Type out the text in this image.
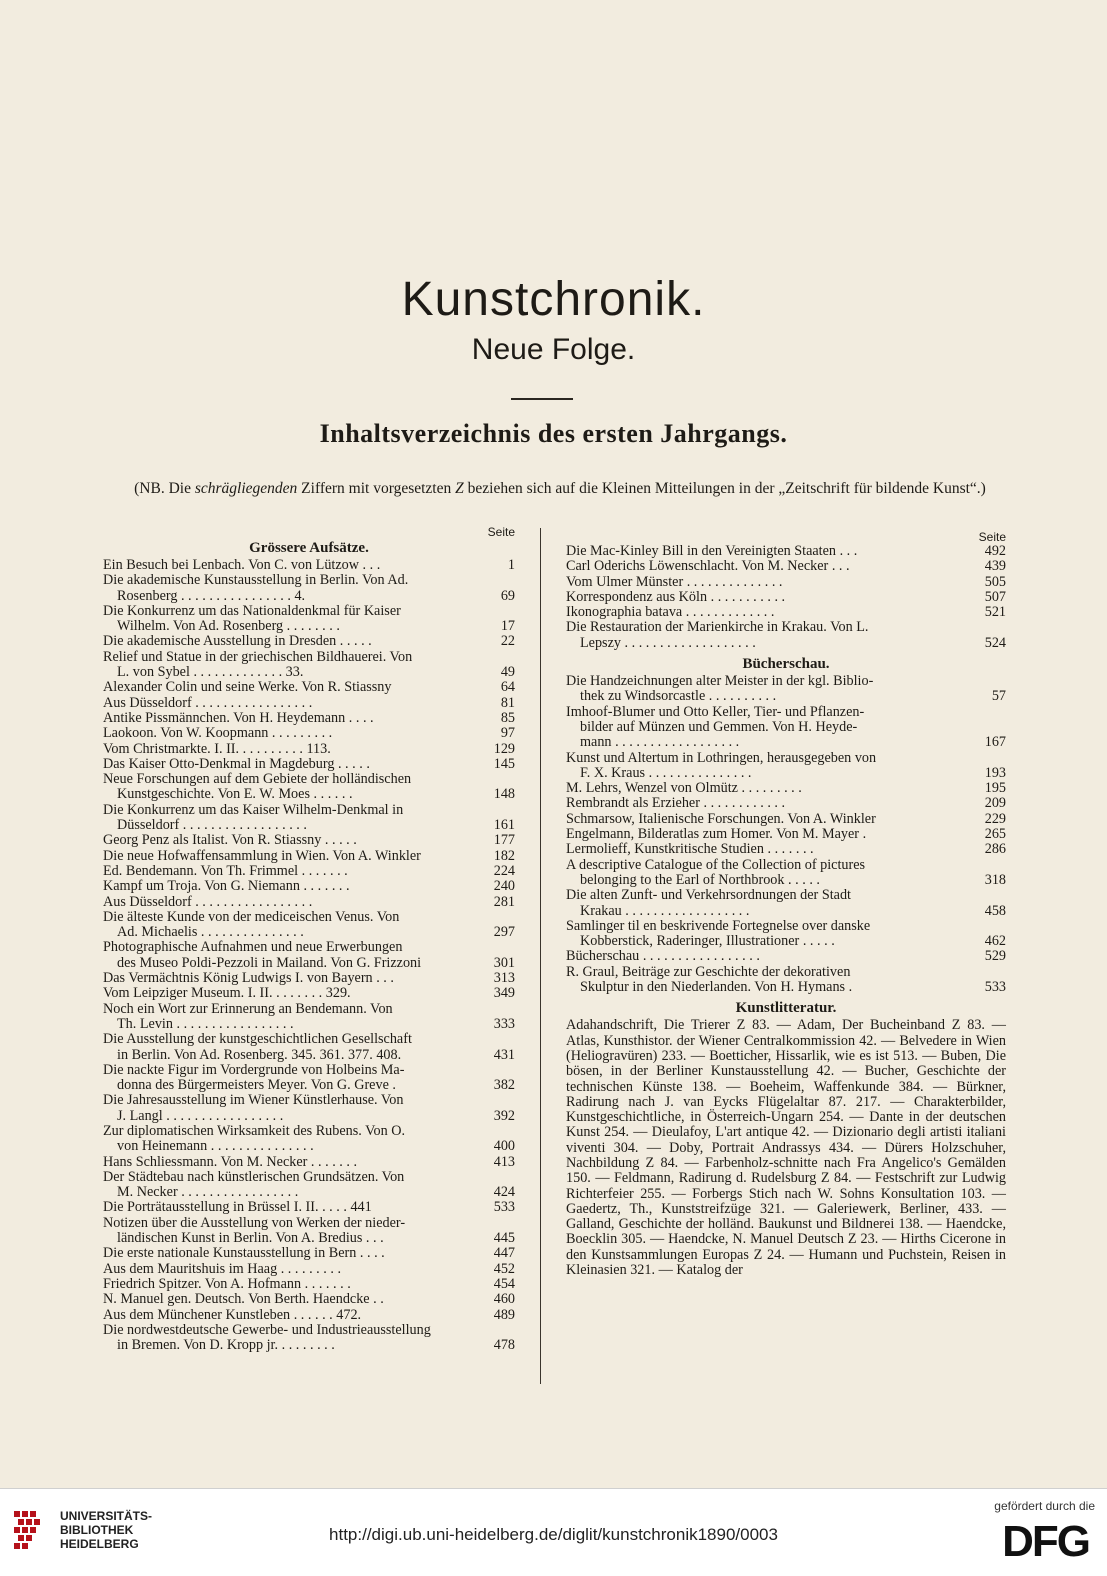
Kunstchronik.
Neue Folge.
Inhaltsverzeichnis des ersten Jahrgangs.
(NB. Die schrägliegenden Ziffern mit vorgesetzten Z beziehen sich auf die Kleinen Mitteilungen in der „Zeitschrift für bildende Kunst“.)
Seite
Grössere Aufsätze.
Ein Besuch bei Lenbach. Von C. von Lützow . . .	1
Die akademische Kunstausstellung in Berlin. Von Ad.
Rosenberg . . . . . . . . . . . . . . . . 4.	69
Die Konkurrenz um das Nationaldenkmal für Kaiser
Wilhelm. Von Ad. Rosenberg . . . . . . . .	17
Die akademische Ausstellung in Dresden . . . . .	22
Relief und Statue in der griechischen Bildhauerei. Von
L. von Sybel . . . . . . . . . . . . . 33.	49
Alexander Colin und seine Werke. Von R. Stiassny	64
Aus Düsseldorf . . . . . . . . . . . . . . . . .	81
Antike Pissmännchen. Von H. Heydemann . . . .	85
Laokoon. Von W. Koopmann . . . . . . . . .	97
Vom Christmarkte. I. II. . . . . . . . . . 113.	129
Das Kaiser Otto-Denkmal in Magdeburg . . . . .	145
Neue Forschungen auf dem Gebiete der holländischen
Kunstgeschichte. Von E. W. Moes . . . . . .	148
Die Konkurrenz um das Kaiser Wilhelm-Denkmal in
Düsseldorf . . . . . . . . . . . . . . . . . .	161
Georg Penz als Italist. Von R. Stiassny . . . . .	177
Die neue Hofwaffensammlung in Wien. Von A. Winkler	182
Ed. Bendemann. Von Th. Frimmel . . . . . . .	224
Kampf um Troja. Von G. Niemann . . . . . . .	240
Aus Düsseldorf . . . . . . . . . . . . . . . . .	281
Die älteste Kunde von der mediceischen Venus. Von
Ad. Michaelis . . . . . . . . . . . . . . .	297
Photographische Aufnahmen und neue Erwerbungen
des Museo Poldi-Pezzoli in Mailand. Von G. Frizzoni	301
Das Vermächtnis König Ludwigs I. von Bayern . . .	313
Vom Leipziger Museum. I. II. . . . . . . . 329.	349
Noch ein Wort zur Erinnerung an Bendemann. Von
Th. Levin . . . . . . . . . . . . . . . . .	333
Die Ausstellung der kunstgeschichtlichen Gesellschaft
in Berlin. Von Ad. Rosenberg. 345. 361. 377. 408.	431
Die nackte Figur im Vordergrunde von Holbeins Ma-
donna des Bürgermeisters Meyer. Von G. Greve .	382
Die Jahresausstellung im Wiener Künstlerhause. Von
J. Langl . . . . . . . . . . . . . . . . .	392
Zur diplomatischen Wirksamkeit des Rubens. Von O.
von Heinemann . . . . . . . . . . . . . . .	400
Hans Schliessmann. Von M. Necker . . . . . . .	413
Der Städtebau nach künstlerischen Grundsätzen. Von
M. Necker . . . . . . . . . . . . . . . . .	424
Die Porträtausstellung in Brüssel I. II. . . . . 441	533
Notizen über die Ausstellung von Werken der nieder-
ländischen Kunst in Berlin. Von A. Bredius . . .	445
Die erste nationale Kunstausstellung in Bern . . . .	447
Aus dem Mauritshuis im Haag . . . . . . . . .	452
Friedrich Spitzer. Von A. Hofmann . . . . . . .	454
N. Manuel gen. Deutsch. Von Berth. Haendcke . .	460
Aus dem Münchener Kunstleben . . . . . . 472.	489
Die nordwestdeutsche Gewerbe- und Industrieausstellung
in Bremen. Von D. Kropp jr. . . . . . . . .	478
Seite
Die Mac-Kinley Bill in den Vereinigten Staaten . . .	492
Carl Oderichs Löwenschlacht. Von M. Necker . . .	439
Vom Ulmer Münster . . . . . . . . . . . . . .	505
Korrespondenz aus Köln . . . . . . . . . . .	507
Ikonographia batava . . . . . . . . . . . . .	521
Die Restauration der Marienkirche in Krakau. Von L.
Lepszy . . . . . . . . . . . . . . . . . . .	524
Bücherschau.
Die Handzeichnungen alter Meister in der kgl. Biblio-
thek zu Windsorcastle . . . . . . . . . .	57
Imhoof-Blumer und Otto Keller, Tier- und Pflanzen-
bilder auf Münzen und Gemmen. Von H. Heyde-
mann . . . . . . . . . . . . . . . . . .	167
Kunst und Altertum in Lothringen, herausgegeben von
F. X. Kraus . . . . . . . . . . . . . . .	193
M. Lehrs, Wenzel von Olmütz . . . . . . . . .	195
Rembrandt als Erzieher . . . . . . . . . . . .	209
Schmarsow, Italienische Forschungen. Von A. Winkler	229
Engelmann, Bilderatlas zum Homer. Von M. Mayer .	265
Lermolieff, Kunstkritische Studien . . . . . . .	286
A descriptive Catalogue of the Collection of pictures
belonging to the Earl of Northbrook . . . . .	318
Die alten Zunft- und Verkehrsordnungen der Stadt
Krakau . . . . . . . . . . . . . . . . . .	458
Samlinger til en beskrivende Fortegnelse over danske
Kobberstick, Raderinger, Illustrationer . . . . .	462
Bücherschau . . . . . . . . . . . . . . . . .	529
R. Graul, Beiträge zur Geschichte der dekorativen
Skulptur in den Niederlanden. Von H. Hymans .	533
Kunstlitteratur.
Adahandschrift, Die Trierer Z 83. — Adam, Der Bucheinband Z 83. — Atlas, Kunsthistor. der Wiener Centralkommission 42. — Belvedere in Wien (Heliogravüren) 233. — Boetticher, Hissarlik, wie es ist 513. — Buben, Die bösen, in der Berliner Kunstausstellung 42. — Bucher, Geschichte der technischen Künste 138. — Boeheim, Waffenkunde 384. — Bürkner, Radirung nach J. van Eycks Flügelaltar 87. 217. — Charakterbilder, Kunstgeschichtliche, in Österreich-Ungarn 254. — Dante in der deutschen Kunst 254. — Dieulafoy, L'art antique 42. — Dizionario degli artisti italiani viventi 304. — Doby, Portrait Andrassys 434. — Dürers Holzschuher, Nachbildung Z 84. — Farbenholz-schnitte nach Fra Angelico's Gemälden 150. — Feldmann, Radirung d. Rudelsburg Z 84. — Festschrift zur Ludwig Richterfeier 255. — Forbergs Stich nach W. Sohns Konsultation 103. — Gaedertz, Th., Kunststreifzüge 321. — Galeriewerk, Berliner, 433. — Galland, Geschichte der holländ. Baukunst und Bildnerei 138. — Haendcke, Boecklin 305. — Haendcke, N. Manuel Deutsch Z 23. — Hirths Cicerone in den Kunstsammlungen Europas Z 24. — Humann und Puchstein, Reisen in Kleinasien 321. — Katalog der
UNIVERSITÄTS-
BIBLIOTHEK
HEIDELBERG	http://digi.ub.uni-heidelberg.de/diglit/kunstchronik1890/0003
gefördert durch die
DFG
